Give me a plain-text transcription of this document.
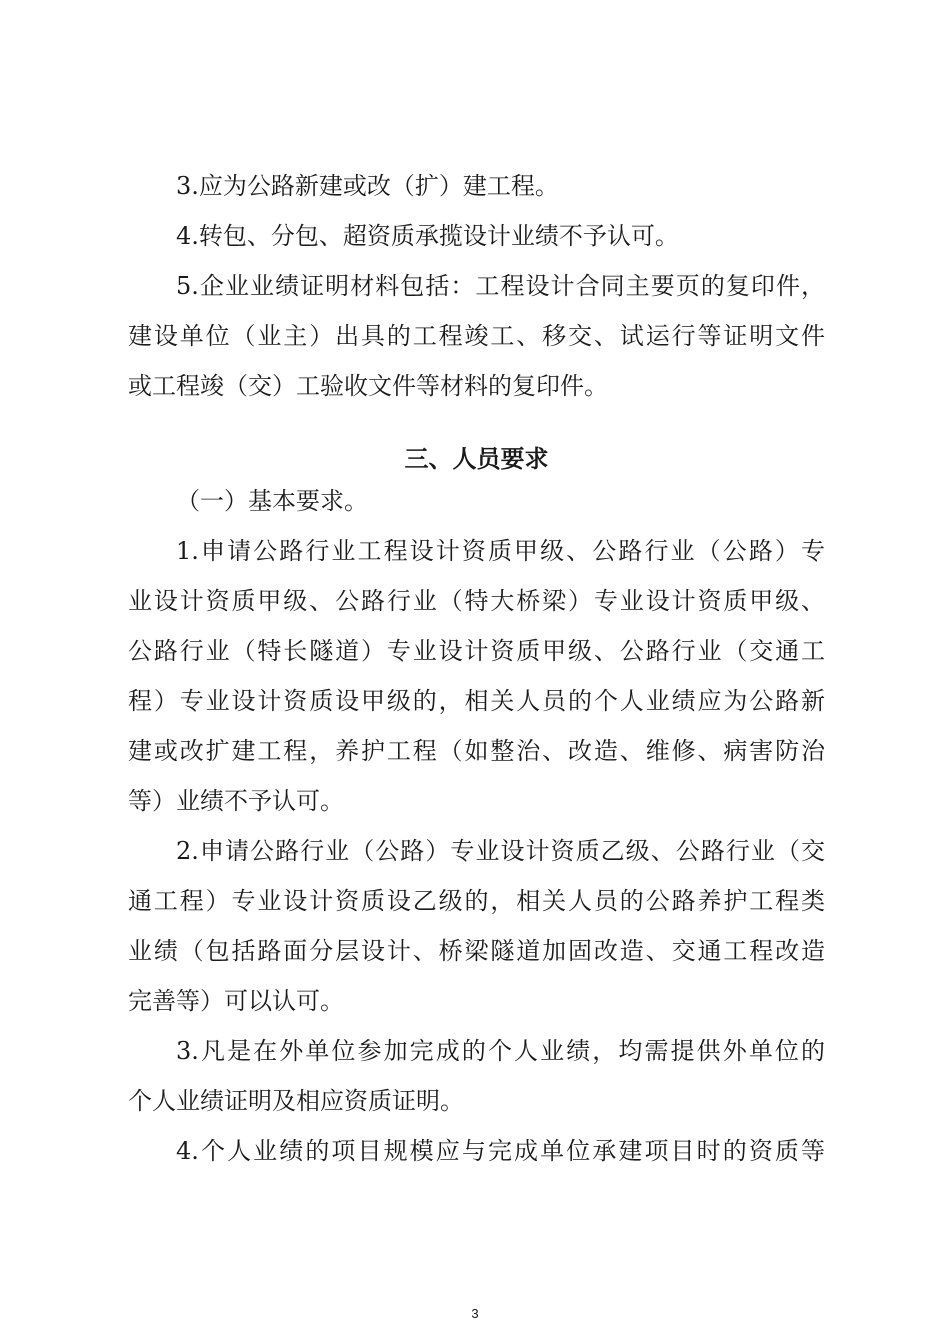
3.应为公路新建或改（扩）建工程。
4.转包、分包、超资质承揽设计业绩不予认可。
5.企业业绩证明材料包括：工程设计合同主要页的复印件，
建设单位（业主）出具的工程竣工、移交、试运行等证明文件
或工程竣（交）工验收文件等材料的复印件。
三、人员要求
（一）基本要求。
1.申请公路行业工程设计资质甲级、公路行业（公路）专
业设计资质甲级、公路行业（特大桥梁）专业设计资质甲级、
公路行业（特长隧道）专业设计资质甲级、公路行业（交通工
程）专业设计资质设甲级的，相关人员的个人业绩应为公路新
建或改扩建工程，养护工程（如整治、改造、维修、病害防治
等）业绩不予认可。
2.申请公路行业（公路）专业设计资质乙级、公路行业（交
通工程）专业设计资质设乙级的，相关人员的公路养护工程类
业绩（包括路面分层设计、桥梁隧道加固改造、交通工程改造
完善等）可以认可。
3.凡是在外单位参加完成的个人业绩，均需提供外单位的
个人业绩证明及相应资质证明。
4.个人业绩的项目规模应与完成单位承建项目时的资质等
3
